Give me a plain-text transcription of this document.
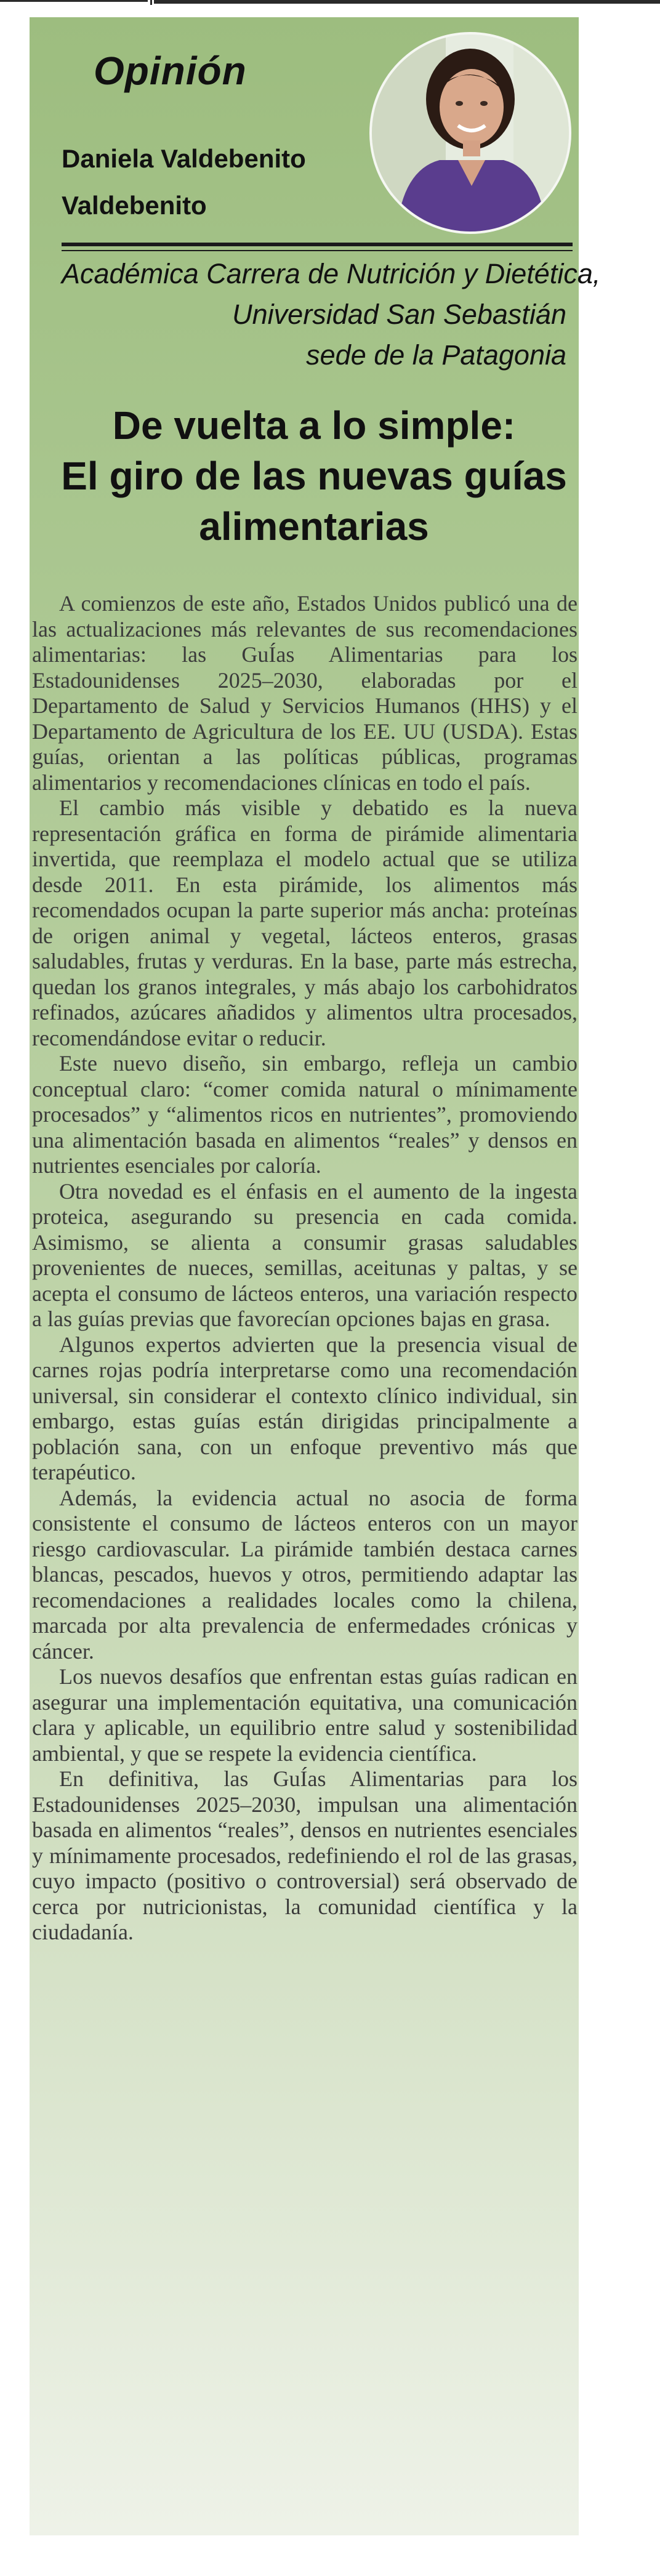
Opinión
Daniela Valdebenito
Valdebenito
Académica Carrera de Nutrición y Dietética,
Universidad San Sebastián
sede de la Patagonia
De vuelta a lo simple:
El giro de las nuevas guías
alimentarias

A comienzos de este año, Estados Unidos publicó una de las actualizaciones más relevantes de sus recomendaciones alimentarias: las GuÍas Alimentarias para los Estadounidenses 2025–2030, elaboradas por el Departamento de Salud y Servicios Humanos (HHS) y el Departamento de Agricultura de los EE. UU (USDA). Estas guías, orientan a las políticas públicas, programas alimentarios y recomendaciones clínicas en todo el país.

El cambio más visible y debatido es la nueva representación gráfica en forma de pirámide alimentaria invertida, que reemplaza el modelo actual que se utiliza desde 2011. En esta pirámide, los alimentos más recomendados ocupan la parte superior más ancha: proteínas de origen animal y vegetal, lácteos enteros, grasas saludables, frutas y verduras. En la base, parte más estrecha, quedan los granos integrales, y más abajo los carbohidratos refinados, azúcares añadidos y alimentos ultra procesados, recomendándose evitar o reducir.

Este nuevo diseño, sin embargo, refleja un cambio conceptual claro: “comer comida natural o mínimamente procesados” y “alimentos ricos en nutrientes”, promoviendo una alimentación basada en alimentos “reales” y densos en nutrientes esenciales por caloría.

Otra novedad es el énfasis en el aumento de la ingesta proteica, asegurando su presencia en cada comida. Asimismo, se alienta a consumir grasas saludables provenientes de nueces, semillas, aceitunas y paltas, y se acepta el consumo de lácteos enteros, una variación respecto a las guías previas que favorecían opciones bajas en grasa.

Algunos expertos advierten que la presencia visual de carnes rojas podría interpretarse como una recomendación universal, sin considerar el contexto clínico individual, sin embargo, estas guías están dirigidas principalmente a población sana, con un enfoque preventivo más que terapéutico.

Además, la evidencia actual no asocia de forma consistente el consumo de lácteos enteros con un mayor riesgo cardiovascular. La pirámide también destaca carnes blancas, pescados, huevos y otros, permitiendo adaptar las recomendaciones a realidades locales como la chilena, marcada por alta prevalencia de enfermedades crónicas y cáncer.

Los nuevos desafíos que enfrentan estas guías radican en asegurar una implementación equitativa, una comunicación clara y aplicable, un equilibrio entre salud y sostenibilidad ambiental, y que se respete la evidencia científica.

En definitiva, las GuÍas Alimentarias para los Estadounidenses 2025–2030, impulsan una alimentación basada en alimentos “reales”, densos en nutrientes esenciales y mínimamente procesados, redefiniendo el rol de las grasas, cuyo impacto (positivo o controversial) será observado de cerca por nutricionistas, la comunidad científica y la ciudadanía.
